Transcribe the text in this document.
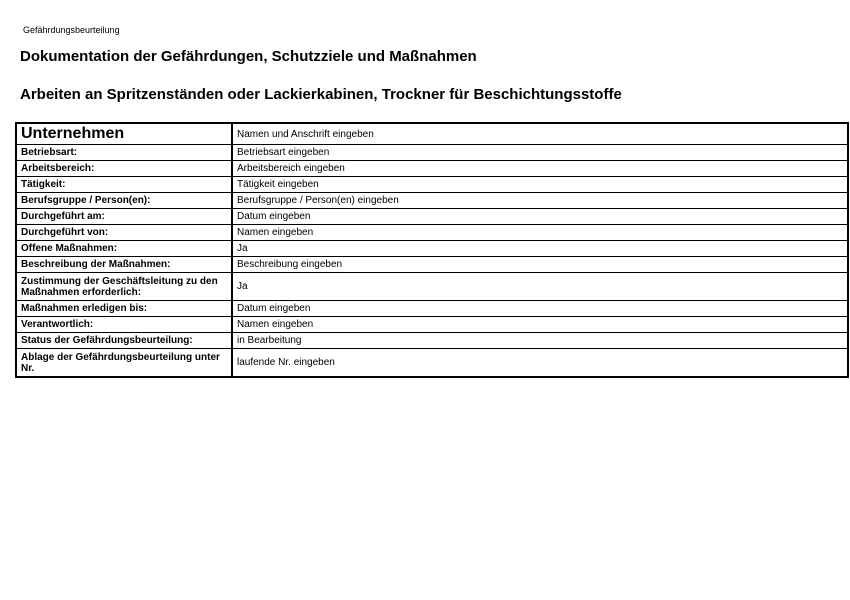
Gefährdungsbeurteilung
Dokumentation der Gefährdungen, Schutzziele und Maßnahmen
Arbeiten an Spritzenständen oder Lackierkabinen, Trockner für Beschichtungsstoffe
Unternehmen	Namen und Anschrift eingeben
Betriebsart:	Betriebsart eingeben
Arbeitsbereich:	Arbeitsbereich eingeben
Tätigkeit:	Tätigkeit eingeben
Berufsgruppe / Person(en):	Berufsgruppe / Person(en) eingeben
Durchgeführt am:	Datum eingeben
Durchgeführt von:	Namen eingeben
Offene Maßnahmen:	Ja
Beschreibung der Maßnahmen:	Beschreibung eingeben
Zustimmung der Geschäftsleitung zu den Maßnahmen erforderlich:	Ja
Maßnahmen erledigen bis:	Datum eingeben
Verantwortlich:	Namen eingeben
Status der Gefährdungsbeurteilung:	in Bearbeitung
Ablage der Gefährdungsbeurteilung unter Nr.	laufende Nr. eingeben
